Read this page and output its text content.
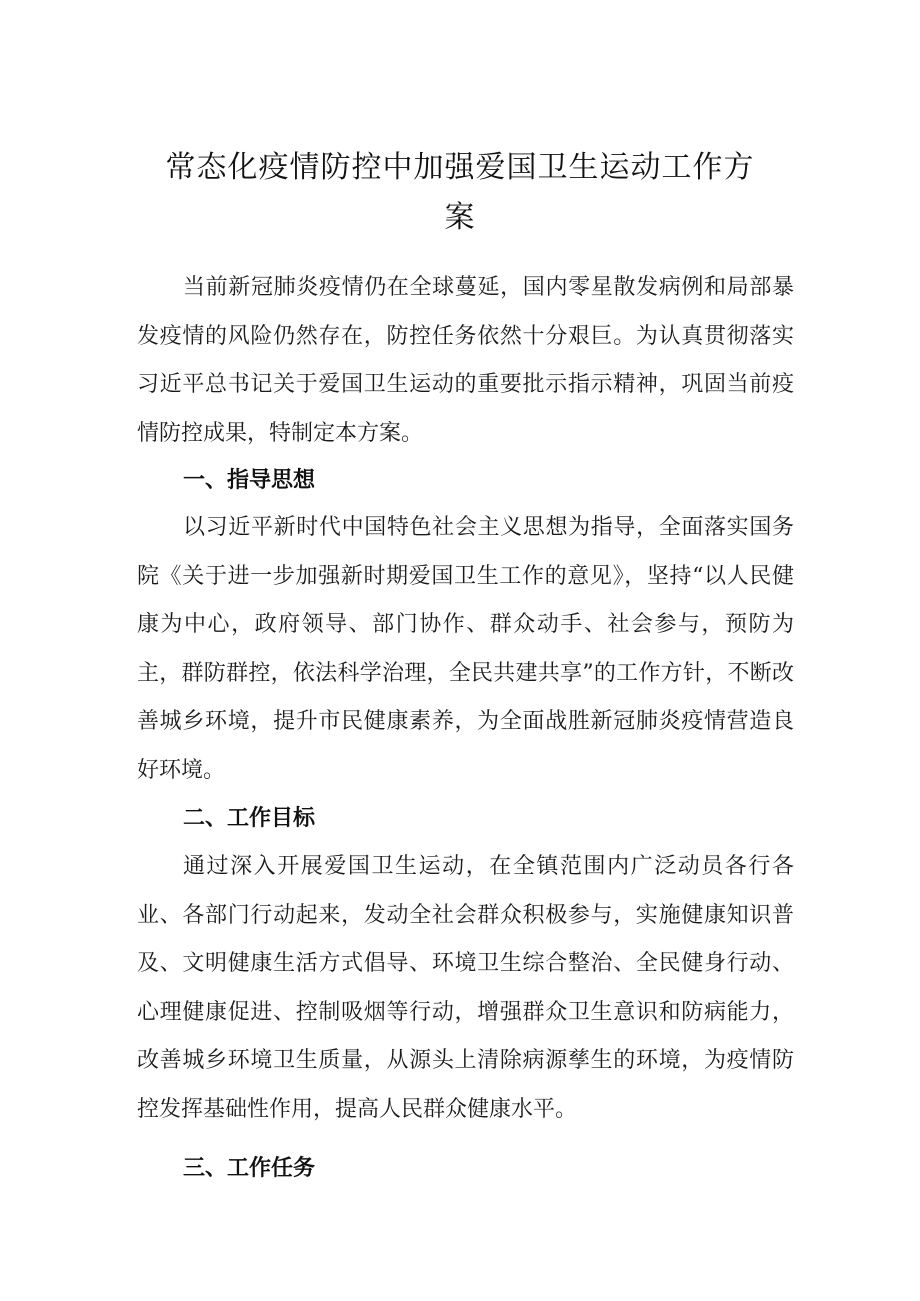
常态化疫情防控中加强爱国卫生运动工作方
案

当前新冠肺炎疫情仍在全球蔓延，国内零星散发病例和局部暴发疫情的风险仍然存在，防控任务依然十分艰巨。为认真贯彻落实习近平总书记关于爱国卫生运动的重要批示指示精神，巩固当前疫情防控成果，特制定本方案。

一、指导思想

以习近平新时代中国特色社会主义思想为指导，全面落实国务院《关于进一步加强新时期爱国卫生工作的意见》，坚持“以人民健康为中心，政府领导、部门协作、群众动手、社会参与，预防为主，群防群控，依法科学治理，全民共建共享”的工作方针，不断改善城乡环境，提升市民健康素养，为全面战胜新冠肺炎疫情营造良好环境。

二、工作目标

通过深入开展爱国卫生运动，在全镇范围内广泛动员各行各业、各部门行动起来，发动全社会群众积极参与，实施健康知识普及、文明健康生活方式倡导、环境卫生综合整治、全民健身行动、心理健康促进、控制吸烟等行动，增强群众卫生意识和防病能力，改善城乡环境卫生质量，从源头上清除病源孳生的环境，为疫情防控发挥基础性作用，提高人民群众健康水平。

三、工作任务
